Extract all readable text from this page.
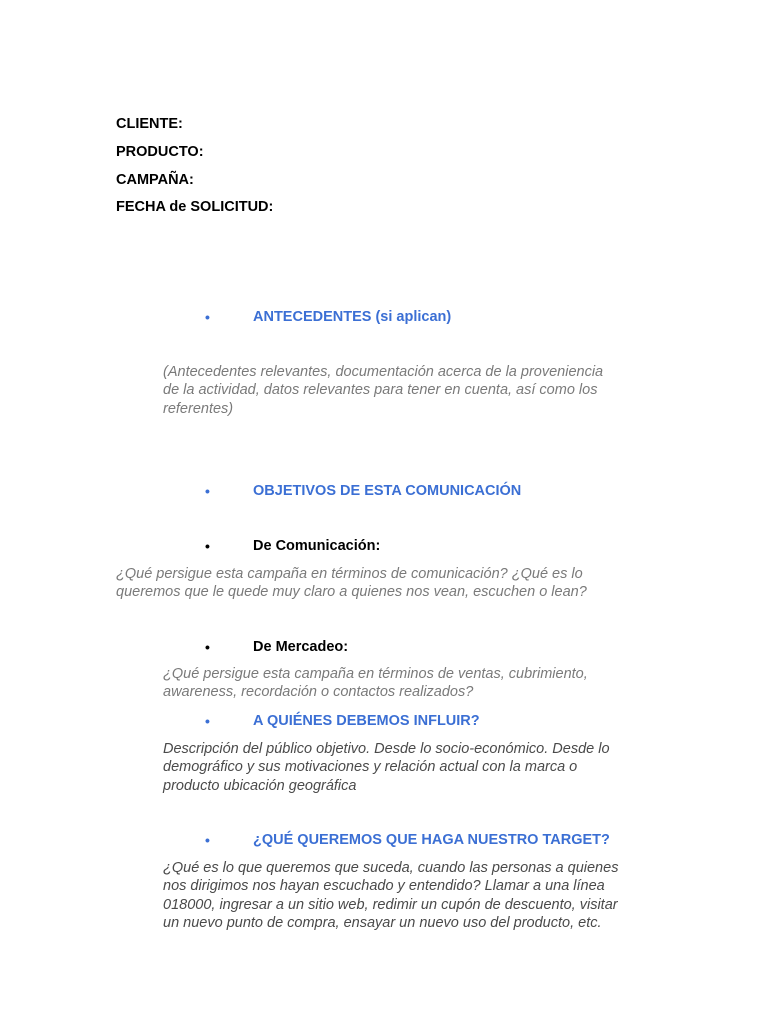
CLIENTE:
PRODUCTO:
CAMPAÑA:
FECHA de SOLICITUD:
•	ANTECEDENTES (si aplican)
(Antecedentes relevantes, documentación acerca de la proveniencia
de la actividad, datos relevantes para tener en cuenta, así como los
referentes)
•	OBJETIVOS DE ESTA COMUNICACIÓN
•	De Comunicación:
¿Qué persigue esta campaña en términos de comunicación? ¿Qué es lo
queremos que le quede muy claro a quienes nos vean, escuchen o lean?
•	De Mercadeo:
¿Qué persigue esta campaña en términos de ventas, cubrimiento,
awareness, recordación o contactos realizados?
•	A QUIÉNES DEBEMOS INFLUIR?
Descripción del público objetivo. Desde lo socio-económico. Desde lo
demográfico y sus motivaciones y relación actual con la marca o
producto ubicación geográfica
•	¿QUÉ QUEREMOS QUE HAGA NUESTRO TARGET?
¿Qué es lo que queremos que suceda, cuando las personas a quienes
nos dirigimos nos hayan escuchado y entendido? Llamar a una línea
018000, ingresar a un sitio web, redimir un cupón de descuento, visitar
un nuevo punto de compra, ensayar un nuevo uso del producto, etc.
